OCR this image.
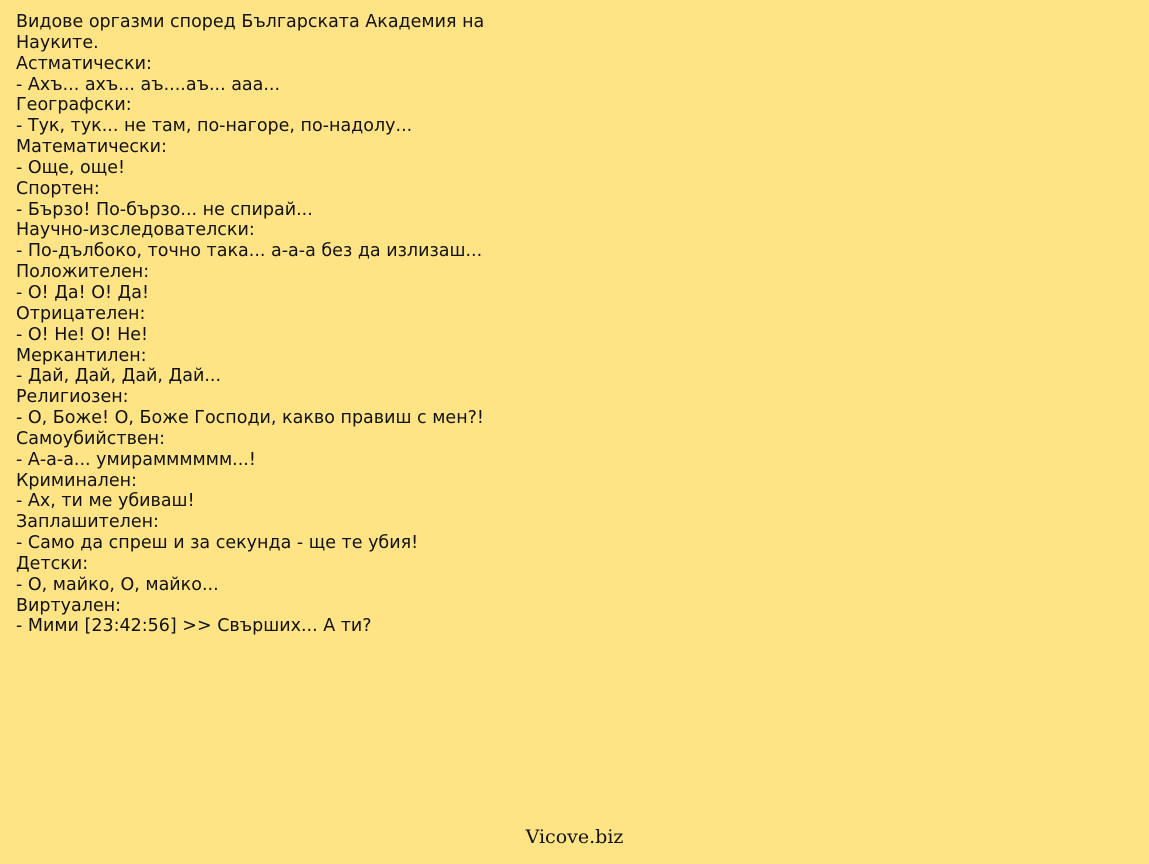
Видове оргазми според Българската Академия на Науките.
Астматически:
- Ахъ... ахъ... аъ....аъ... ааа...
Географски:
- Тук, тук... не там, по-нагоре, по-надолу...
Математически:
- Още, още!
Спортен:
- Бързо! По-бързо... не спирай...
Научно-изследователски:
- По-дълбоко, точно така... а-а-а без да излизаш...
Положителен:
- О! Да! О! Да!
Отрицателен:
- О! Не! О! Не!
Меркантилен:
- Дай, Дай, Дай, Дай...
Религиозен:
- О, Боже! О, Боже Господи, какво правиш с мен?!
Самоубийствен:
- А-а-а... умирамммммм...!
Криминален:
- Ах, ти ме убиваш!
Заплашителен:
- Само да спреш и за секунда - ще те убия!
Детски:
- О, майко, О, майко...
Виртуален:
- Мими [23:42:56] >> Свърших... А ти?
Vicove.biz
